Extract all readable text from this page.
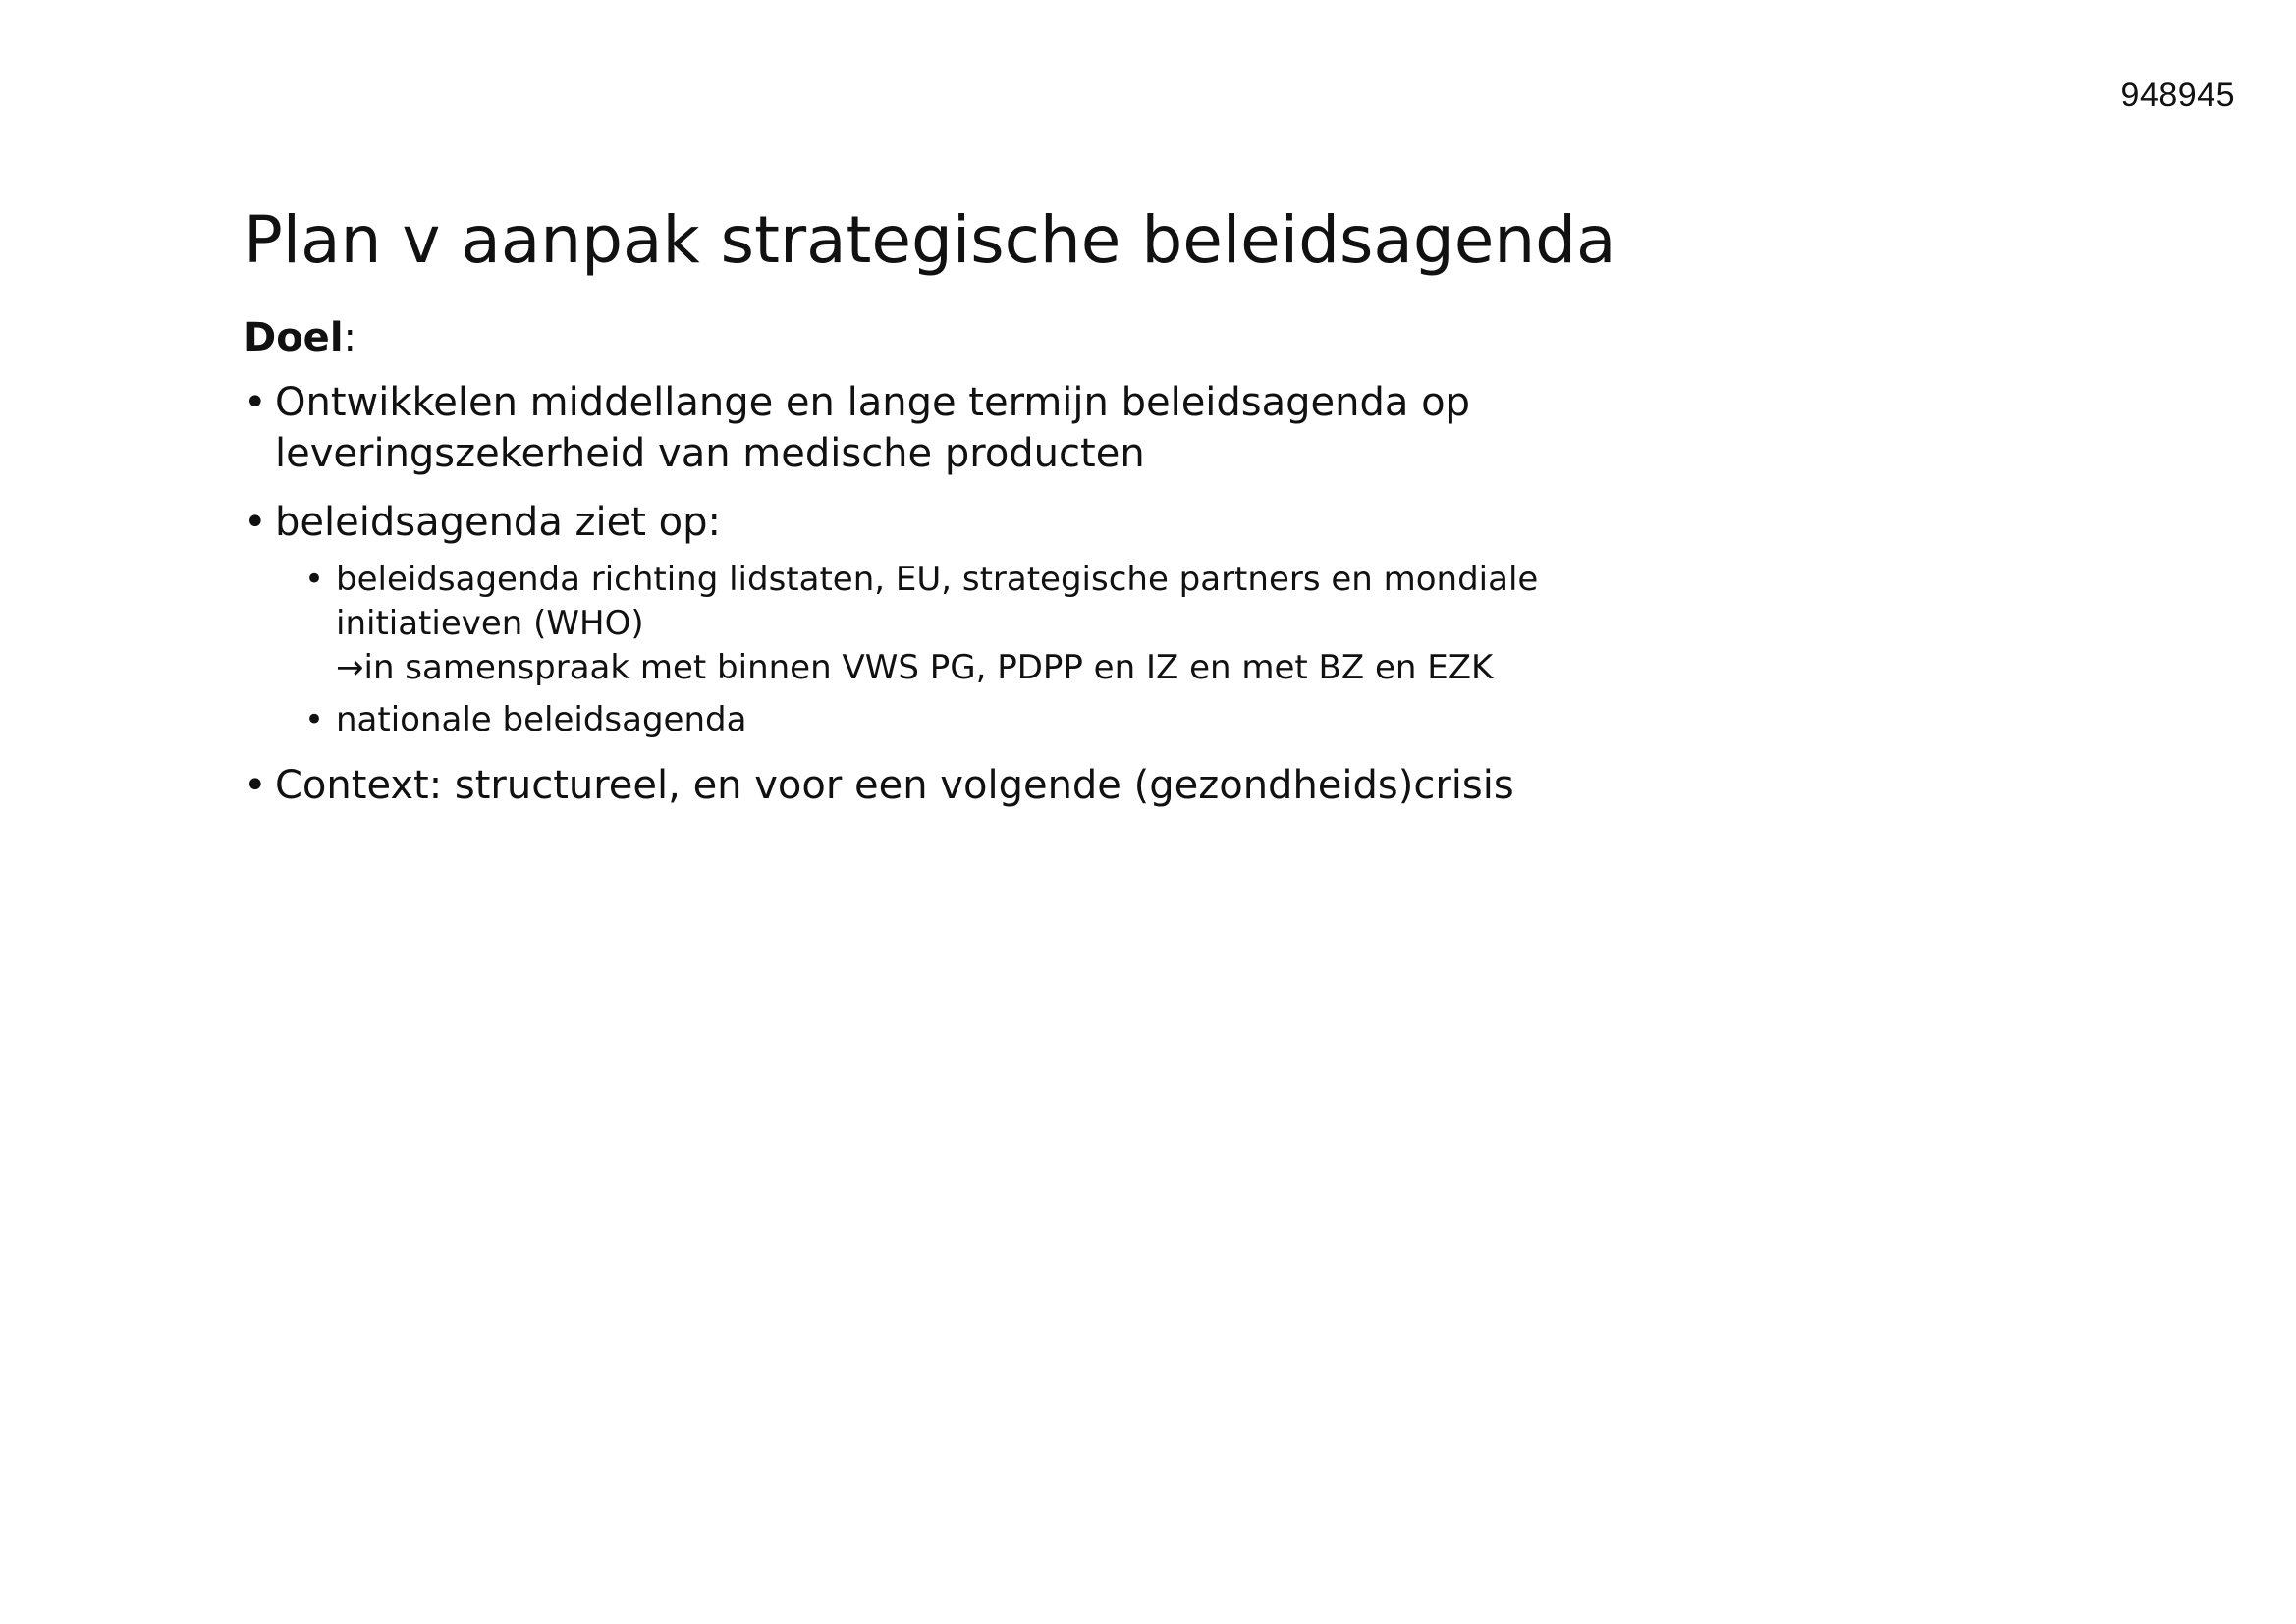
948945
Plan v aanpak strategische beleidsagenda
Doel:
• Ontwikkelen middellange en lange termijn beleidsagenda op
leveringszekerheid van medische producten
• beleidsagenda ziet op:
• beleidsagenda richting lidstaten, EU, strategische partners en mondiale
initiatieven (WHO)
→in samenspraak met binnen VWS PG, PDPP en IZ en met BZ en EZK
• nationale beleidsagenda
• Context: structureel, en voor een volgende (gezondheids)crisis
